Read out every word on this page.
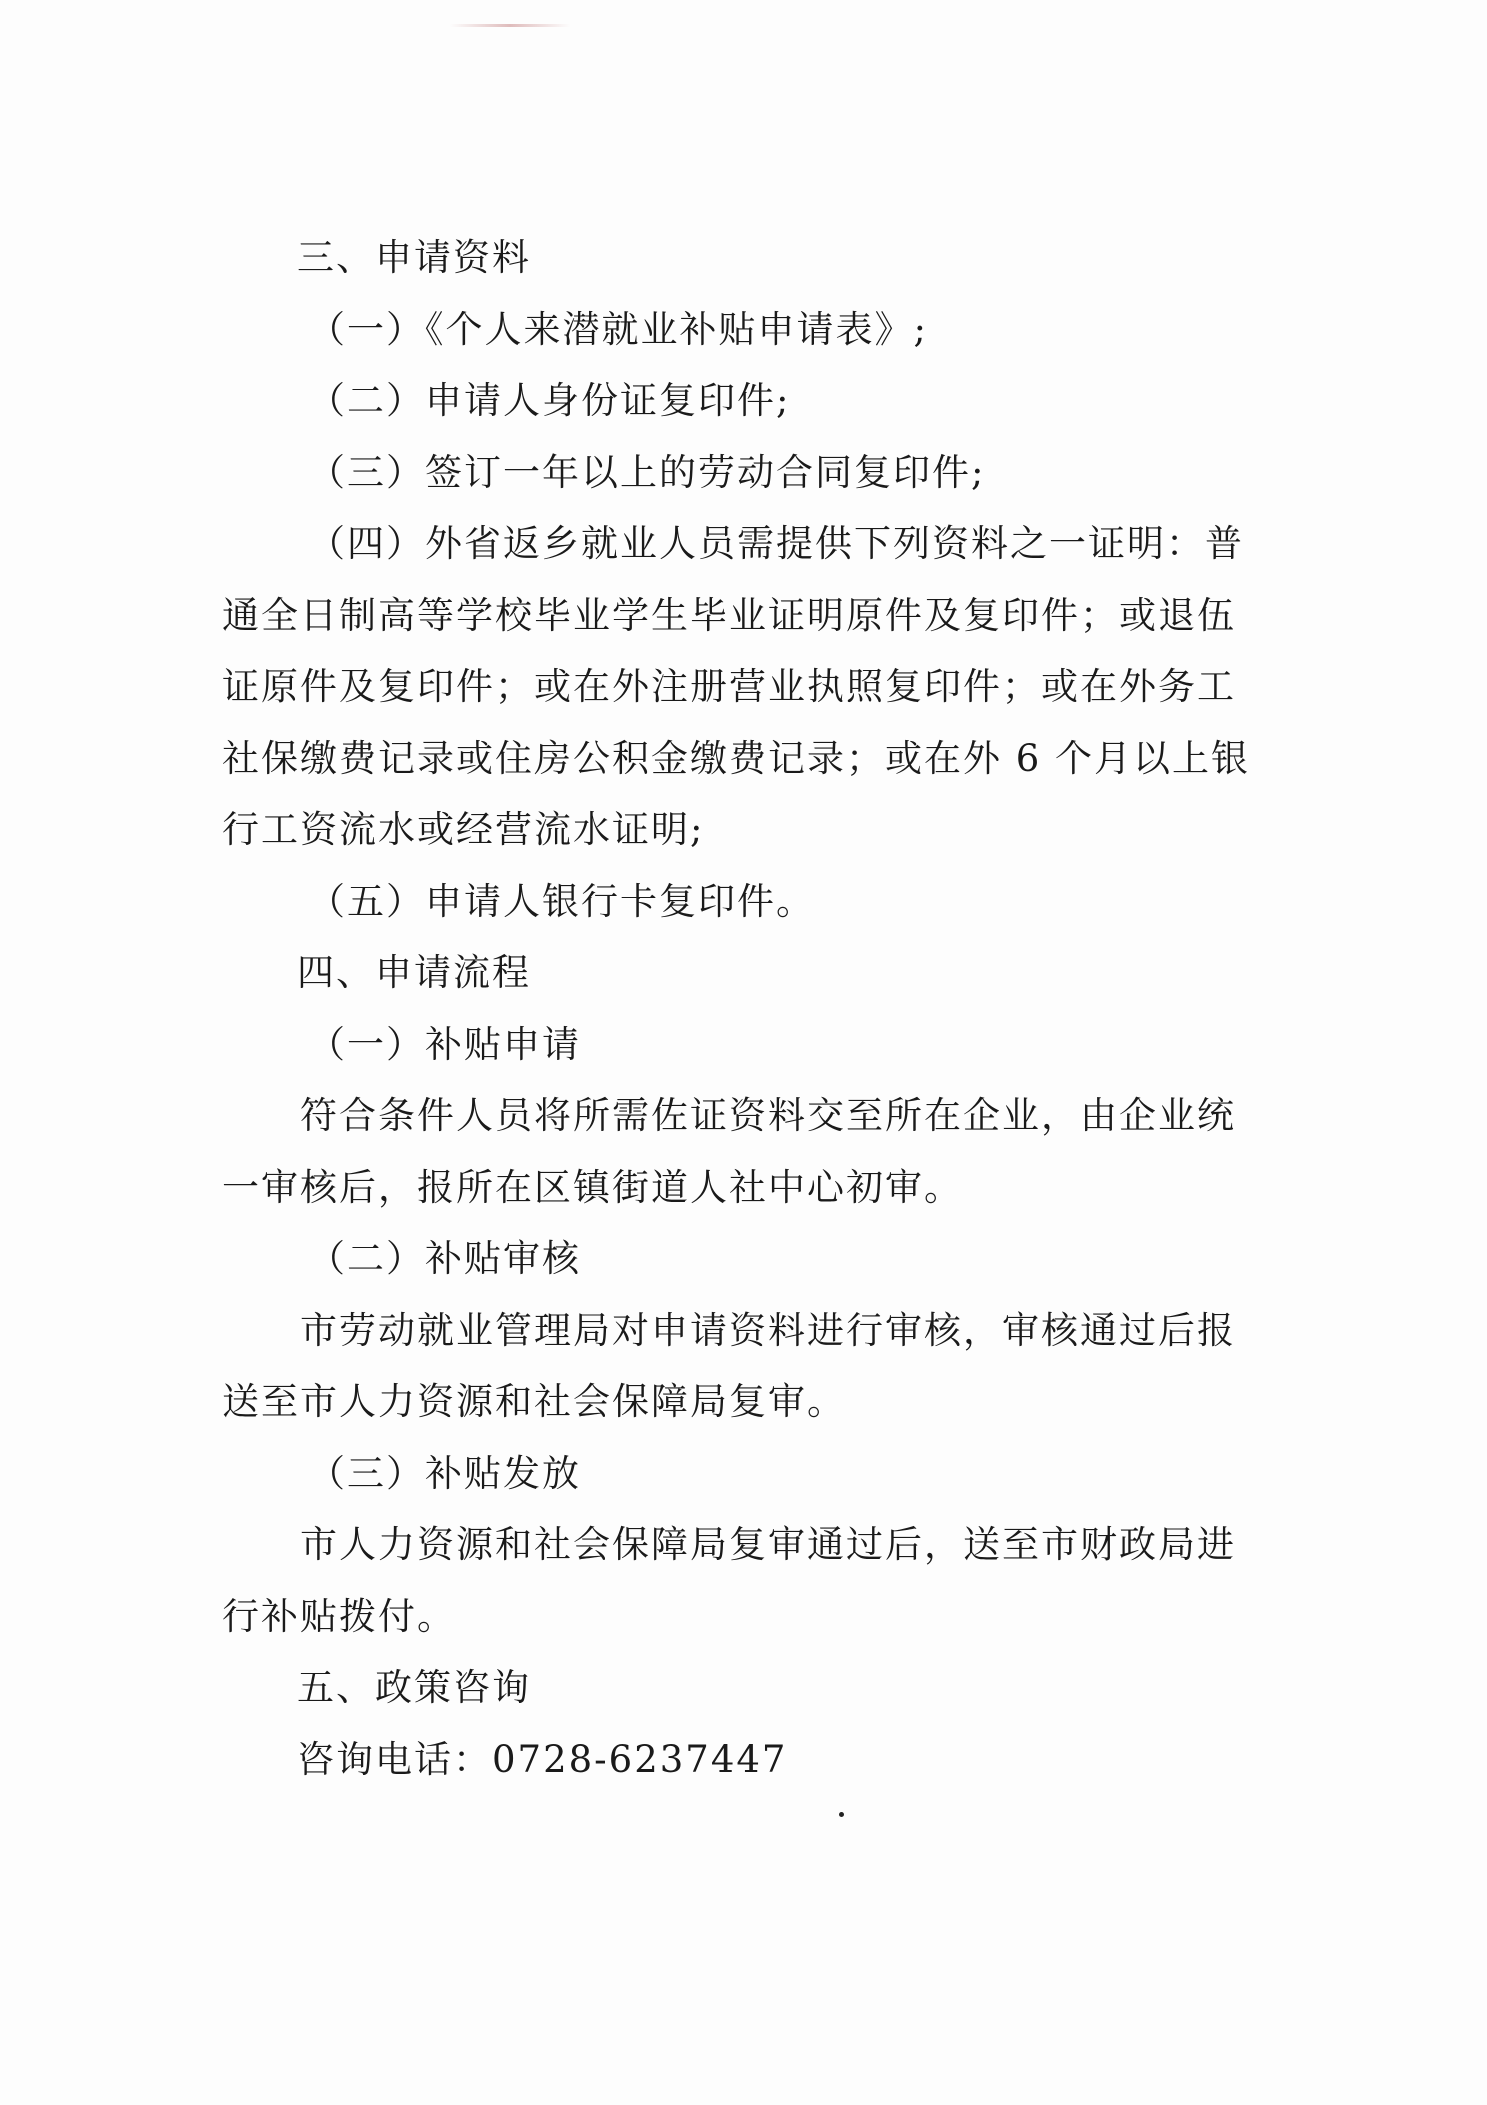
三、申请资料
（一）《个人来潜就业补贴申请表》;
（二）申请人身份证复印件;
（三）签订一年以上的劳动合同复印件;
（四）外省返乡就业人员需提供下列资料之一证明：普
通全日制高等学校毕业学生毕业证明原件及复印件；或退伍
证原件及复印件；或在外注册营业执照复印件；或在外务工
社保缴费记录或住房公积金缴费记录；或在外 6 个月以上银
行工资流水或经营流水证明;
（五）申请人银行卡复印件。
四、申请流程
（一）补贴申请
符合条件人员将所需佐证资料交至所在企业，由企业统
一审核后，报所在区镇街道人社中心初审。
（二）补贴审核
市劳动就业管理局对申请资料进行审核，审核通过后报
送至市人力资源和社会保障局复审。
（三）补贴发放
市人力资源和社会保障局复审通过后，送至市财政局进
行补贴拨付。
五、政策咨询
咨询电话：0728-6237447
